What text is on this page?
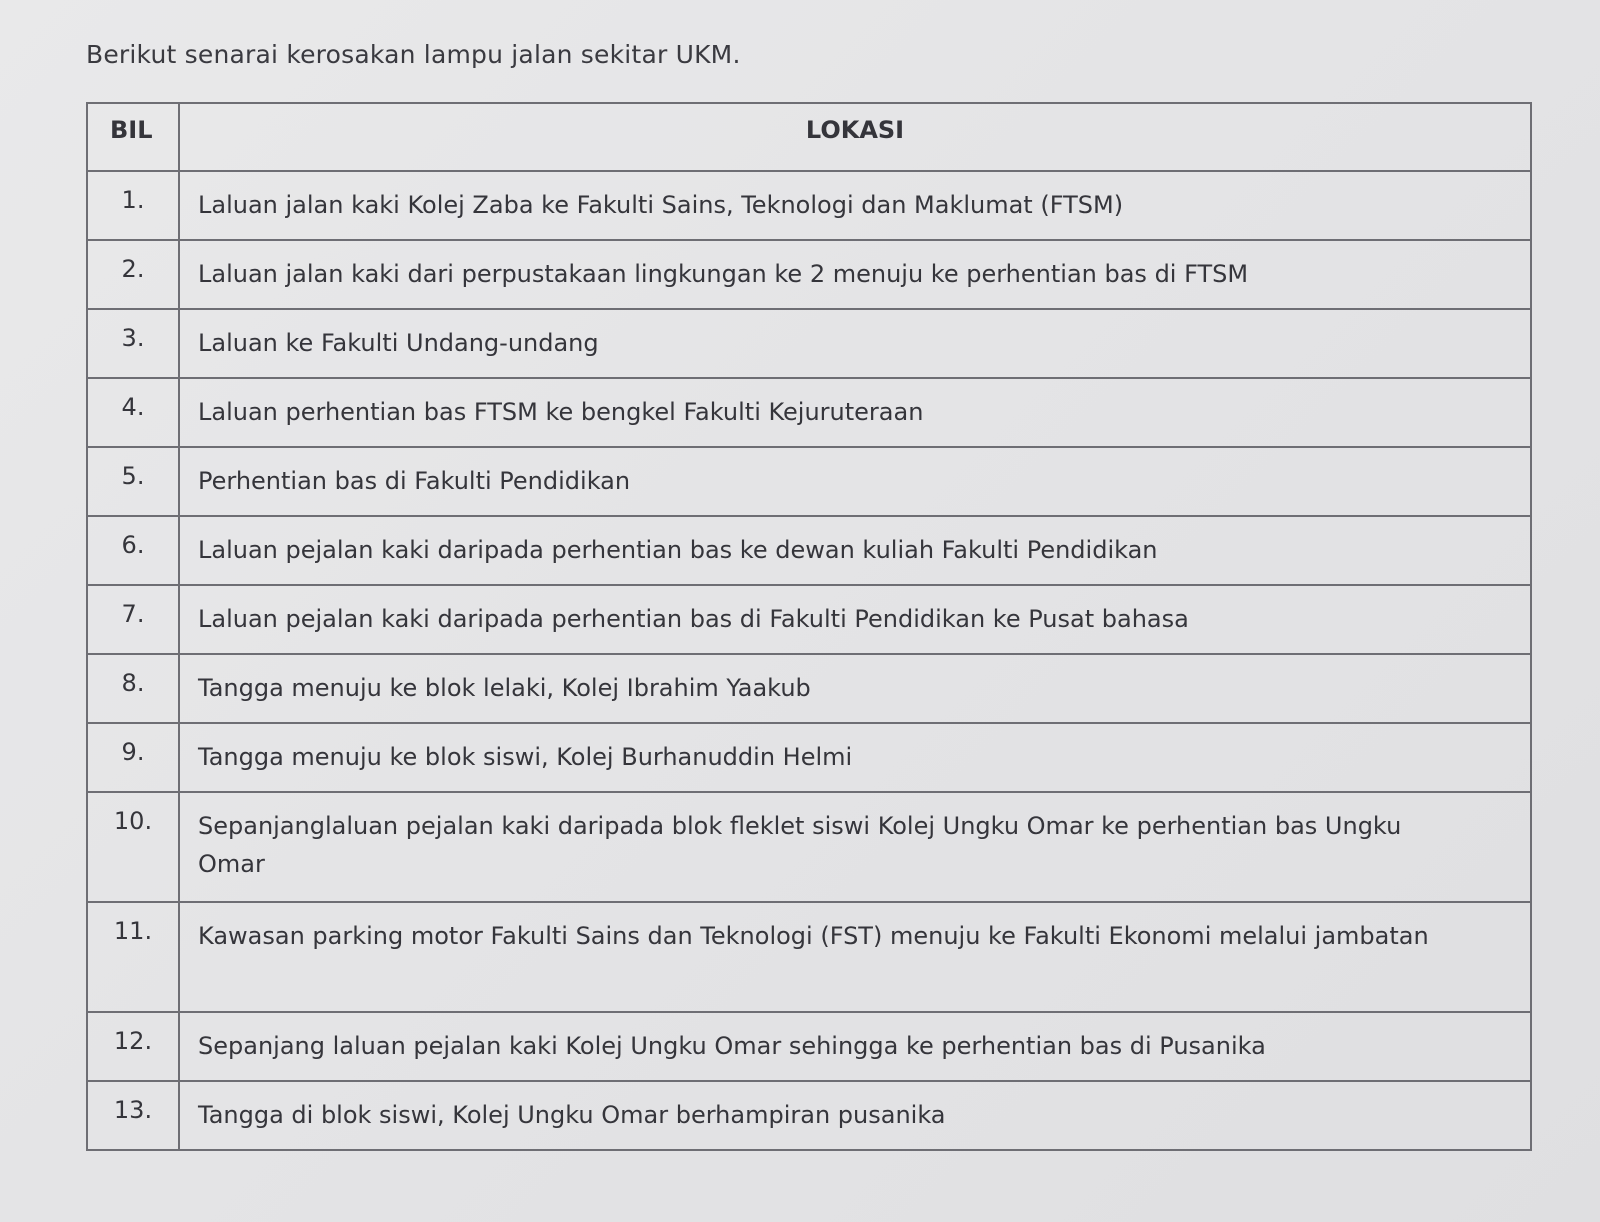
Berikut senarai kerosakan lampu jalan sekitar UKM.
BIL	LOKASI
1.	Laluan jalan kaki Kolej Zaba ke Fakulti Sains, Teknologi dan Maklumat (FTSM)
2.	Laluan jalan kaki dari perpustakaan lingkungan ke 2 menuju ke perhentian bas di FTSM
3.	Laluan ke Fakulti Undang-undang
4.	Laluan perhentian bas FTSM ke bengkel Fakulti Kejuruteraan
5.	Perhentian bas di Fakulti Pendidikan
6.	Laluan pejalan kaki daripada perhentian bas ke dewan kuliah Fakulti Pendidikan
7.	Laluan pejalan kaki daripada perhentian bas di Fakulti Pendidikan ke Pusat bahasa
8.	Tangga menuju ke blok lelaki, Kolej Ibrahim Yaakub
9.	Tangga menuju ke blok siswi, Kolej Burhanuddin Helmi
10.	Sepanjanglaluan pejalan kaki daripada blok fleklet siswi Kolej Ungku Omar ke perhentian bas Ungku Omar
11.	Kawasan parking motor Fakulti Sains dan Teknologi (FST) menuju ke Fakulti Ekonomi melalui jambatan
12.	Sepanjang laluan pejalan kaki Kolej Ungku Omar sehingga ke perhentian bas di Pusanika
13.	Tangga di blok siswi, Kolej Ungku Omar berhampiran pusanika
